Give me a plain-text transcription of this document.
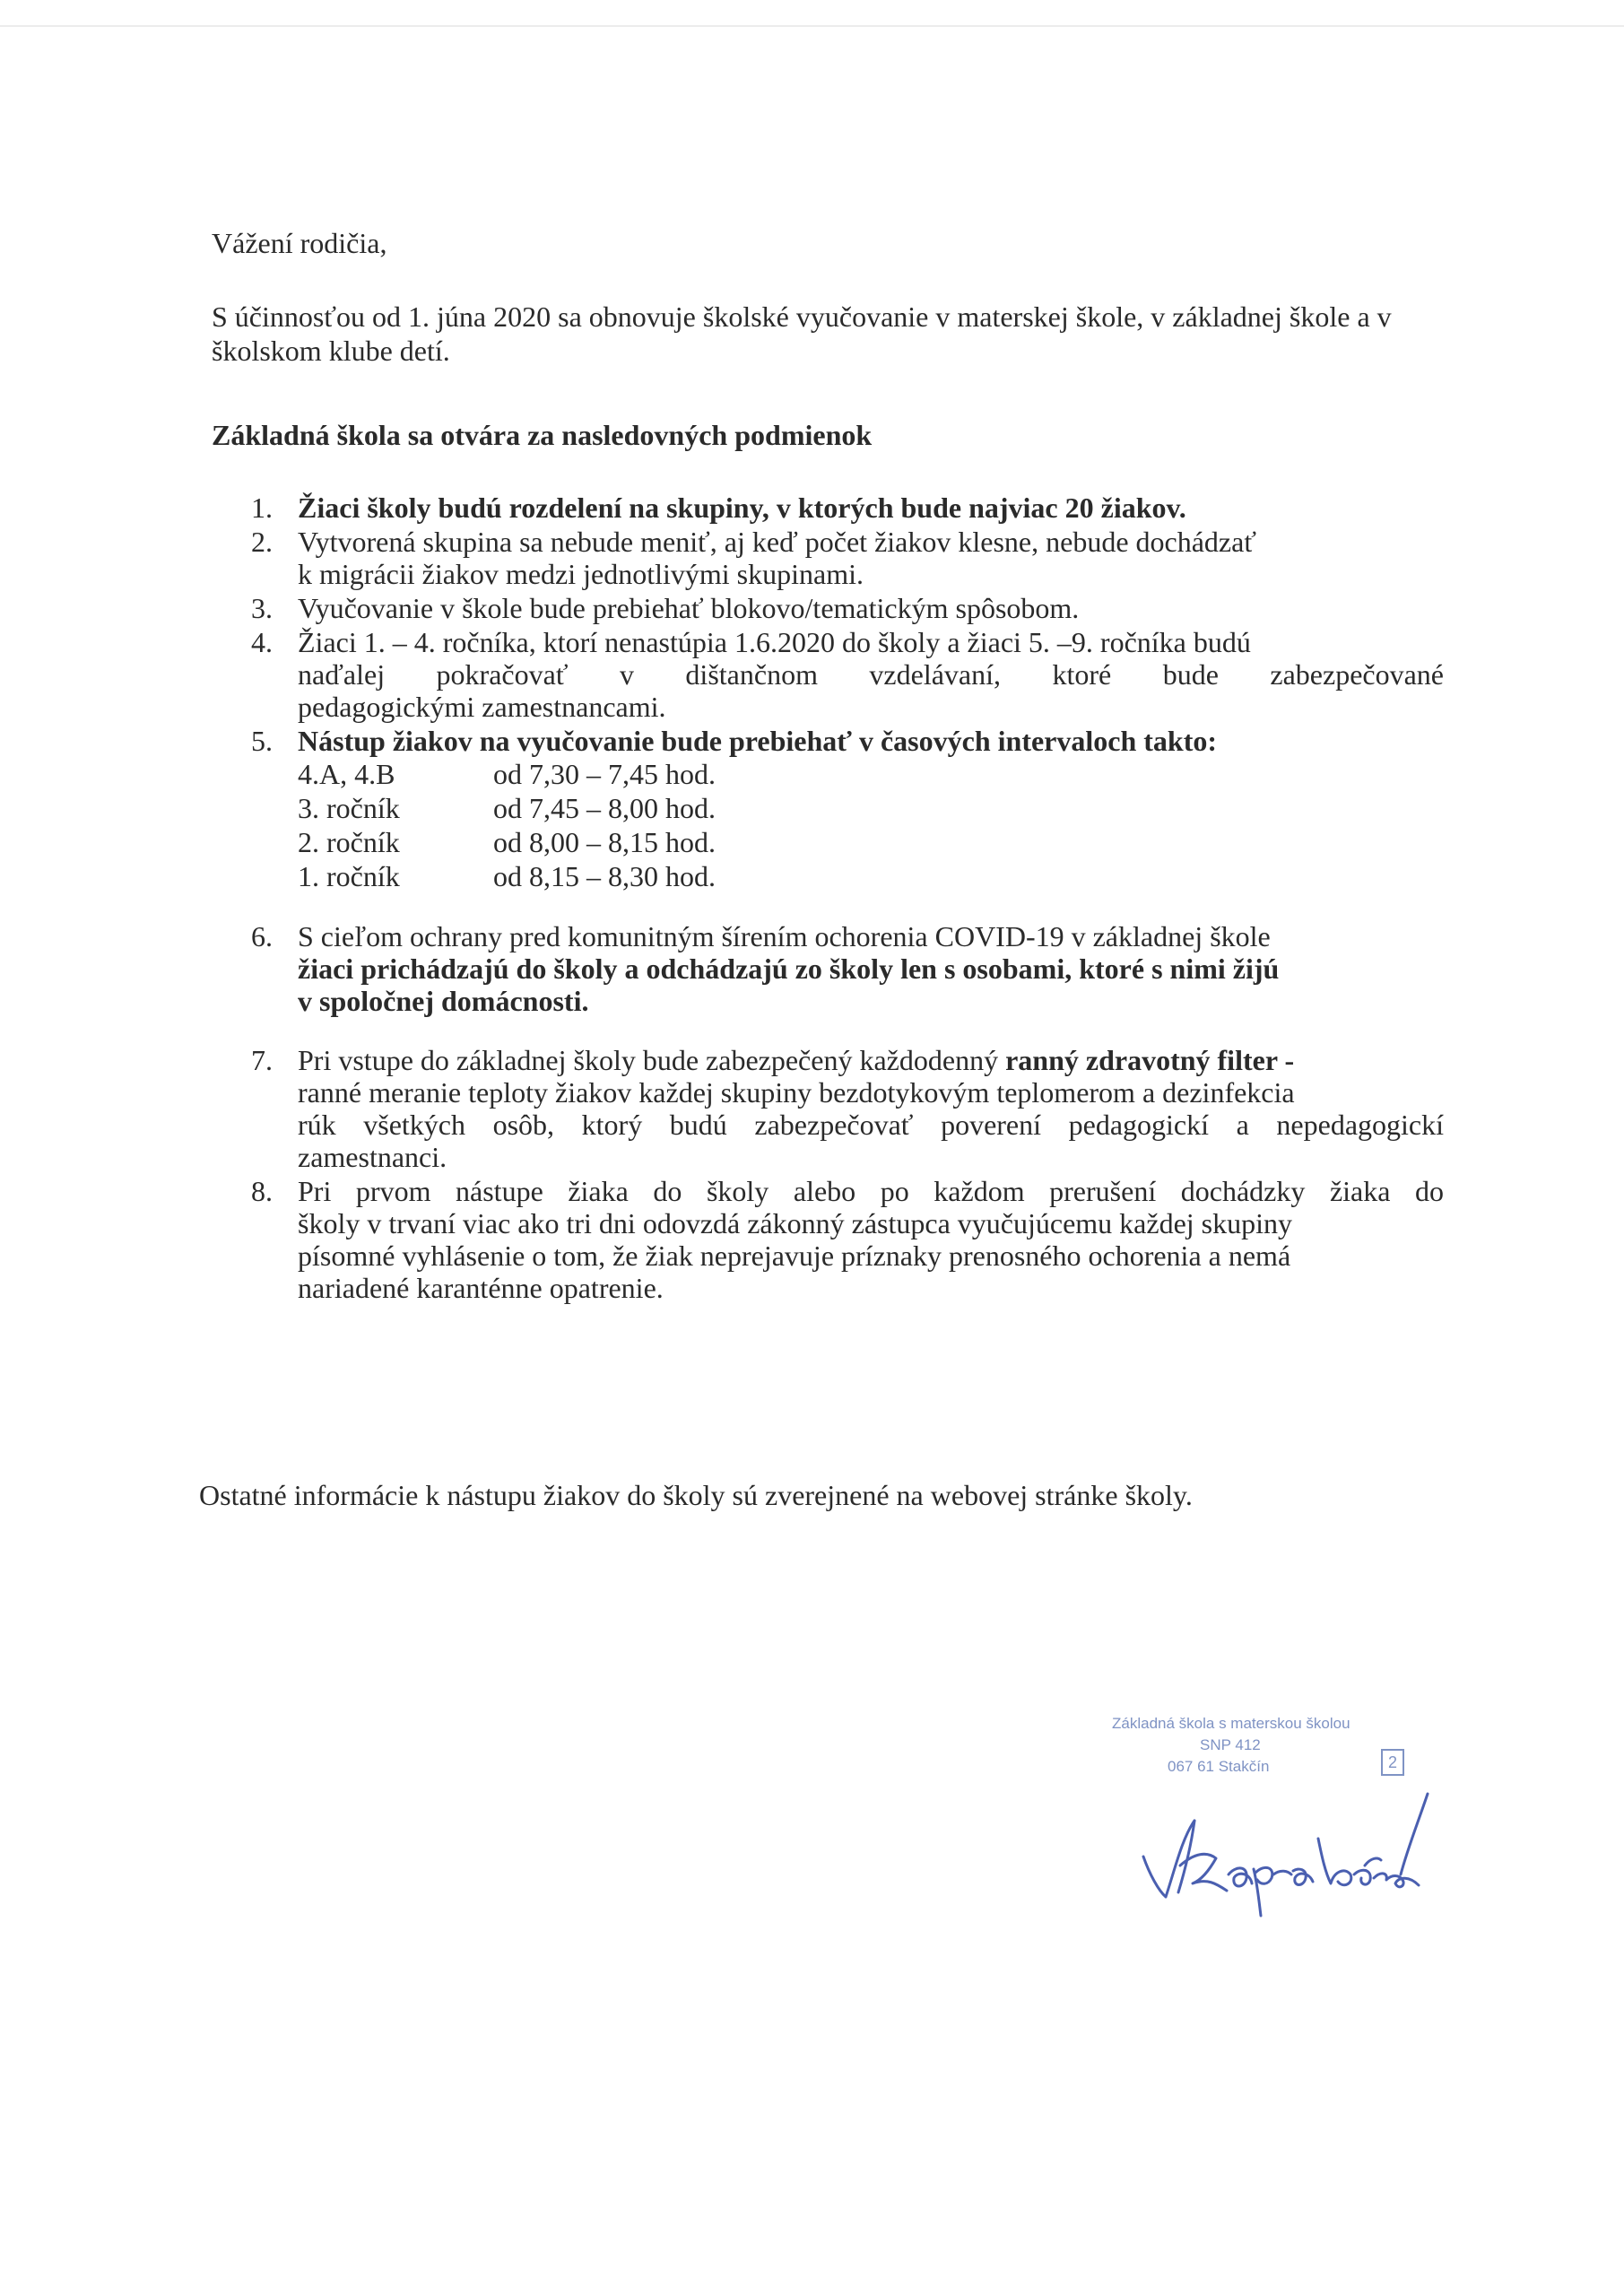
Vážení rodičia,
S účinnosťou od 1. júna 2020 sa obnovuje školské vyučovanie v materskej škole, v základnej škole a v školskom klube detí.
Základná škola sa otvára za nasledovných podmienok
1. Žiaci školy budú rozdelení na skupiny, v ktorých bude najviac 20 žiakov.
2. Vytvorená skupina sa nebude meniť, aj keď počet žiakov klesne, nebude dochádzať
k migrácii žiakov medzi jednotlivými skupinami.
3. Vyučovanie v škole bude prebiehať blokovo/tematickým spôsobom.
4. Žiaci 1. – 4. ročníka, ktorí nenastúpia 1.6.2020 do školy a žiaci 5. –9. ročníka budú
naďalej pokračovať v dištančnom vzdelávaní, ktoré bude zabezpečované
pedagogickými zamestnancami.
5. Nástup žiakov na vyučovanie bude prebiehať v časových intervaloch takto:
4.A, 4.B	od 7,30 – 7,45 hod.
3. ročník	od 7,45 – 8,00 hod.
2. ročník	od 8,00 – 8,15 hod.
1. ročník	od 8,15 – 8,30 hod.
6. S cieľom ochrany pred komunitným šírením ochorenia COVID-19 v základnej škole
žiaci prichádzajú do školy a odchádzajú zo školy len s osobami, ktoré s nimi žijú
v spoločnej domácnosti.
7. Pri vstupe do základnej školy bude zabezpečený každodenný ranný zdravotný filter -
ranné meranie teploty žiakov každej skupiny bezdotykovým teplomerom a dezinfekcia
rúk všetkých osôb, ktorý budú zabezpečovať poverení pedagogickí a nepedagogickí
zamestnanci.
8. Pri prvom nástupe žiaka do školy alebo po každom prerušení dochádzky žiaka do
školy v trvaní viac ako tri dni odovzdá zákonný zástupca vyučujúcemu každej skupiny
písomné vyhlásenie o tom, že žiak neprejavuje príznaky prenosného ochorenia a nemá
nariadené karanténne opatrenie.
Ostatné informácie k nástupu žiakov do školy sú zverejnené na webovej stránke školy.
Základná škola s materskou školou
SNP 412
067 61 Stakčín	2
